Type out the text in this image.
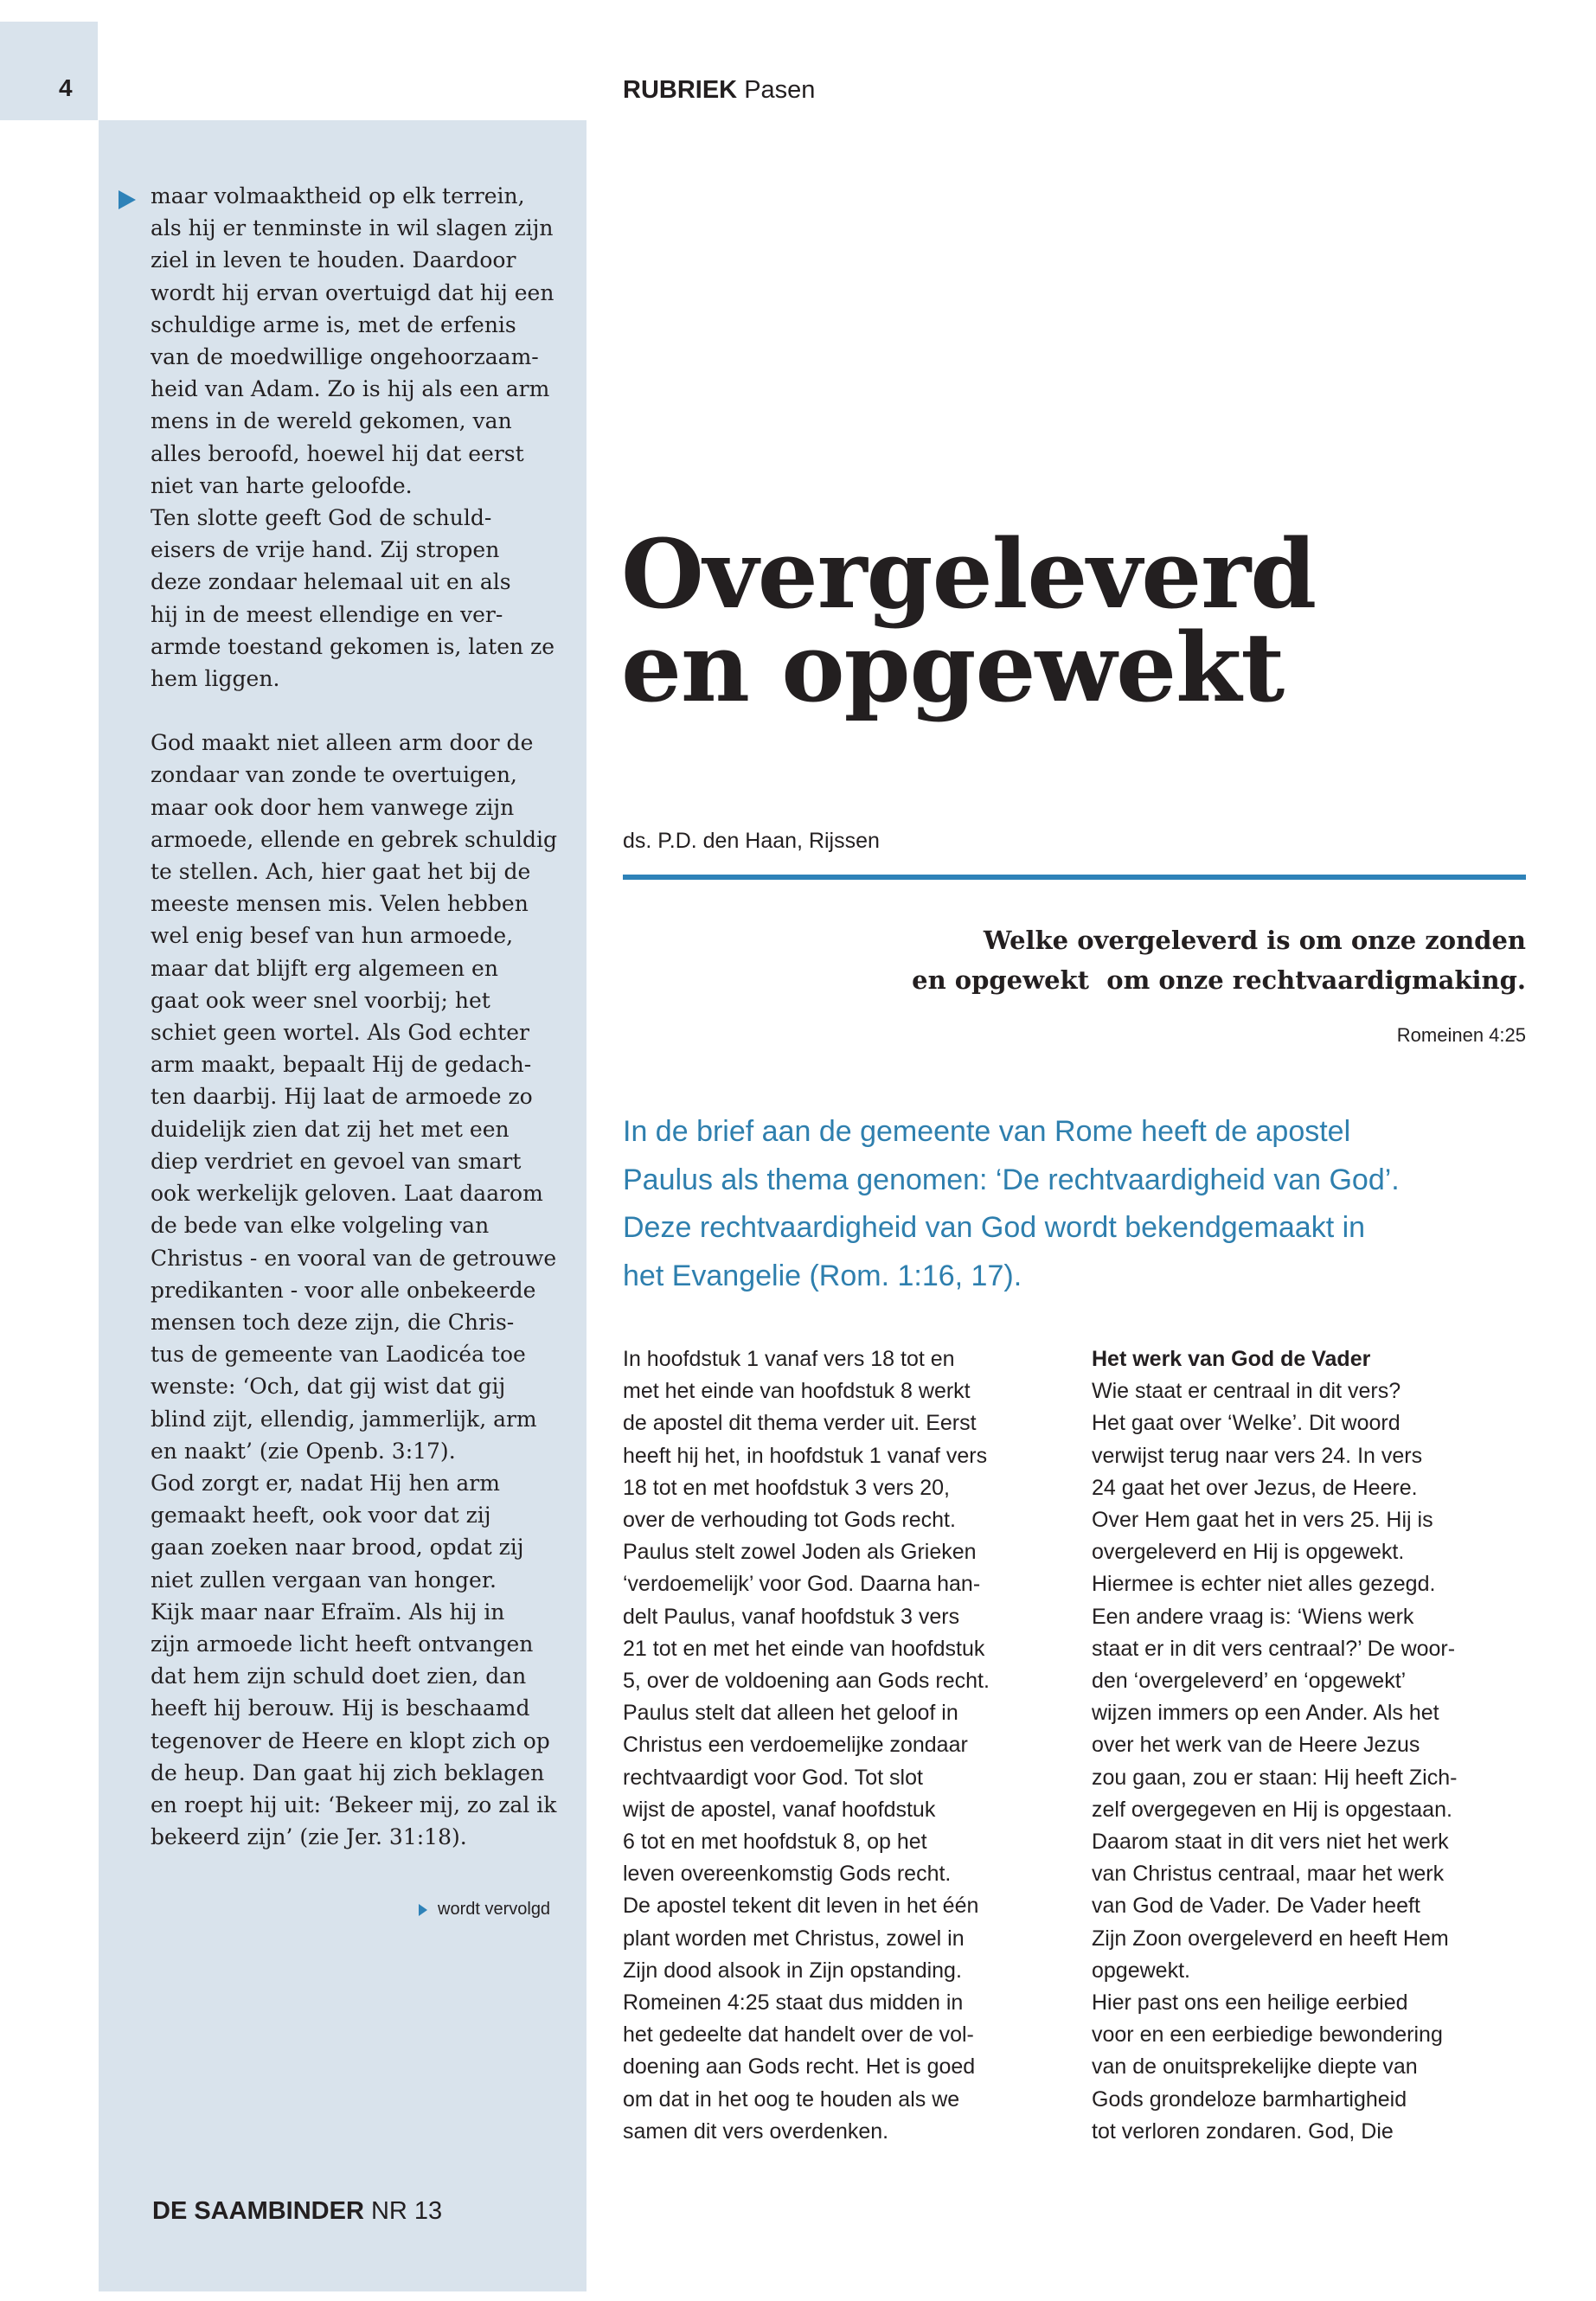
4	RUBRIEK Pasen
maar volmaaktheid op elk terrein,
als hij er tenminste in wil slagen zijn
ziel in leven te houden. Daardoor
wordt hij ervan overtuigd dat hij een
schuldige arme is, met de erfenis
van de moedwillige ongehoorzaam-
heid van Adam. Zo is hij als een arm
mens in de wereld gekomen, van
alles beroofd, hoewel hij dat eerst
niet van harte geloofde.
Ten slotte geeft God de schuld-
eisers de vrije hand. Zij stropen
deze zondaar helemaal uit en als
hij in de meest ellendige en ver-
armde toestand gekomen is, laten ze
hem liggen.
God maakt niet alleen arm door de
zondaar van zonde te overtuigen,
maar ook door hem vanwege zijn
armoede, ellende en gebrek schuldig
te stellen. Ach, hier gaat het bij de
meeste mensen mis. Velen hebben
wel enig besef van hun armoede,
maar dat blijft erg algemeen en
gaat ook weer snel voorbij; het
schiet geen wortel. Als God echter
arm maakt, bepaalt Hij de gedach-
ten daarbij. Hij laat de armoede zo
duidelijk zien dat zij het met een
diep verdriet en gevoel van smart
ook werkelijk geloven. Laat daarom
de bede van elke volgeling van
Christus - en vooral van de getrouwe
predikanten - voor alle onbekeerde
mensen toch deze zijn, die Chris-
tus de gemeente van Laodicéa toe
wenste: ‘Och, dat gij wist dat gij
blind zijt, ellendig, jammerlijk, arm
en naakt’ (zie Openb. 3:17).
God zorgt er, nadat Hij hen arm
gemaakt heeft, ook voor dat zij
gaan zoeken naar brood, opdat zij
niet zullen vergaan van honger.
Kijk maar naar Efraïm. Als hij in
zijn armoede licht heeft ontvangen
dat hem zijn schuld doet zien, dan
heeft hij berouw. Hij is beschaamd
tegenover de Heere en klopt zich op
de heup. Dan gaat hij zich beklagen
en roept hij uit: ‘Bekeer mij, zo zal ik
bekeerd zijn’ (zie Jer. 31:18).
wordt vervolgd
DE SAAMBINDER NR 13
Overgeleverd
en opgewekt
ds. P.D. den Haan, Rijssen
Welke overgeleverd is om onze zonden
en opgewekt  om onze rechtvaardigmaking.
Romeinen 4:25
In de brief aan de gemeente van Rome heeft de apostel
Paulus als thema genomen: ‘De rechtvaardigheid van God’.
Deze rechtvaardigheid van God wordt bekendgemaakt in
het Evangelie (Rom. 1:16, 17).
In hoofdstuk 1 vanaf vers 18 tot en
met het einde van hoofdstuk 8 werkt
de apostel dit thema verder uit. Eerst
heeft hij het, in hoofdstuk 1 vanaf vers
18 tot en met hoofdstuk 3 vers 20,
over de verhouding tot Gods recht.
Paulus stelt zowel Joden als Grieken
‘verdoemelijk’ voor God. Daarna han-
delt Paulus, vanaf hoofdstuk 3 vers
21 tot en met het einde van hoofdstuk
5, over de voldoening aan Gods recht.
Paulus stelt dat alleen het geloof in
Christus een verdoemelijke zondaar
rechtvaardigt voor God. Tot slot
wijst de apostel, vanaf hoofdstuk
6 tot en met hoofdstuk 8, op het
leven overeenkomstig Gods recht.
De apostel tekent dit leven in het één
plant worden met Christus, zowel in
Zijn dood alsook in Zijn opstanding.
Romeinen 4:25 staat dus midden in
het gedeelte dat handelt over de vol-
doening aan Gods recht. Het is goed
om dat in het oog te houden als we
samen dit vers overdenken.
Het werk van God de Vader
Wie staat er centraal in dit vers?
Het gaat over ‘Welke’. Dit woord
verwijst terug naar vers 24. In vers
24 gaat het over Jezus, de Heere.
Over Hem gaat het in vers 25. Hij is
overgeleverd en Hij is opgewekt.
Hiermee is echter niet alles gezegd.
Een andere vraag is: ‘Wiens werk
staat er in dit vers centraal?’ De woor-
den ‘overgeleverd’ en ‘opgewekt’
wijzen immers op een Ander. Als het
over het werk van de Heere Jezus
zou gaan, zou er staan: Hij heeft Zich-
zelf overgegeven en Hij is opgestaan.
Daarom staat in dit vers niet het werk
van Christus centraal, maar het werk
van God de Vader. De Vader heeft
Zijn Zoon overgeleverd en heeft Hem
opgewekt.
Hier past ons een heilige eerbied
voor en een eerbiedige bewondering
van de onuitsprekelijke diepte van
Gods grondeloze barmhartigheid
tot verloren zondaren. God, Die
